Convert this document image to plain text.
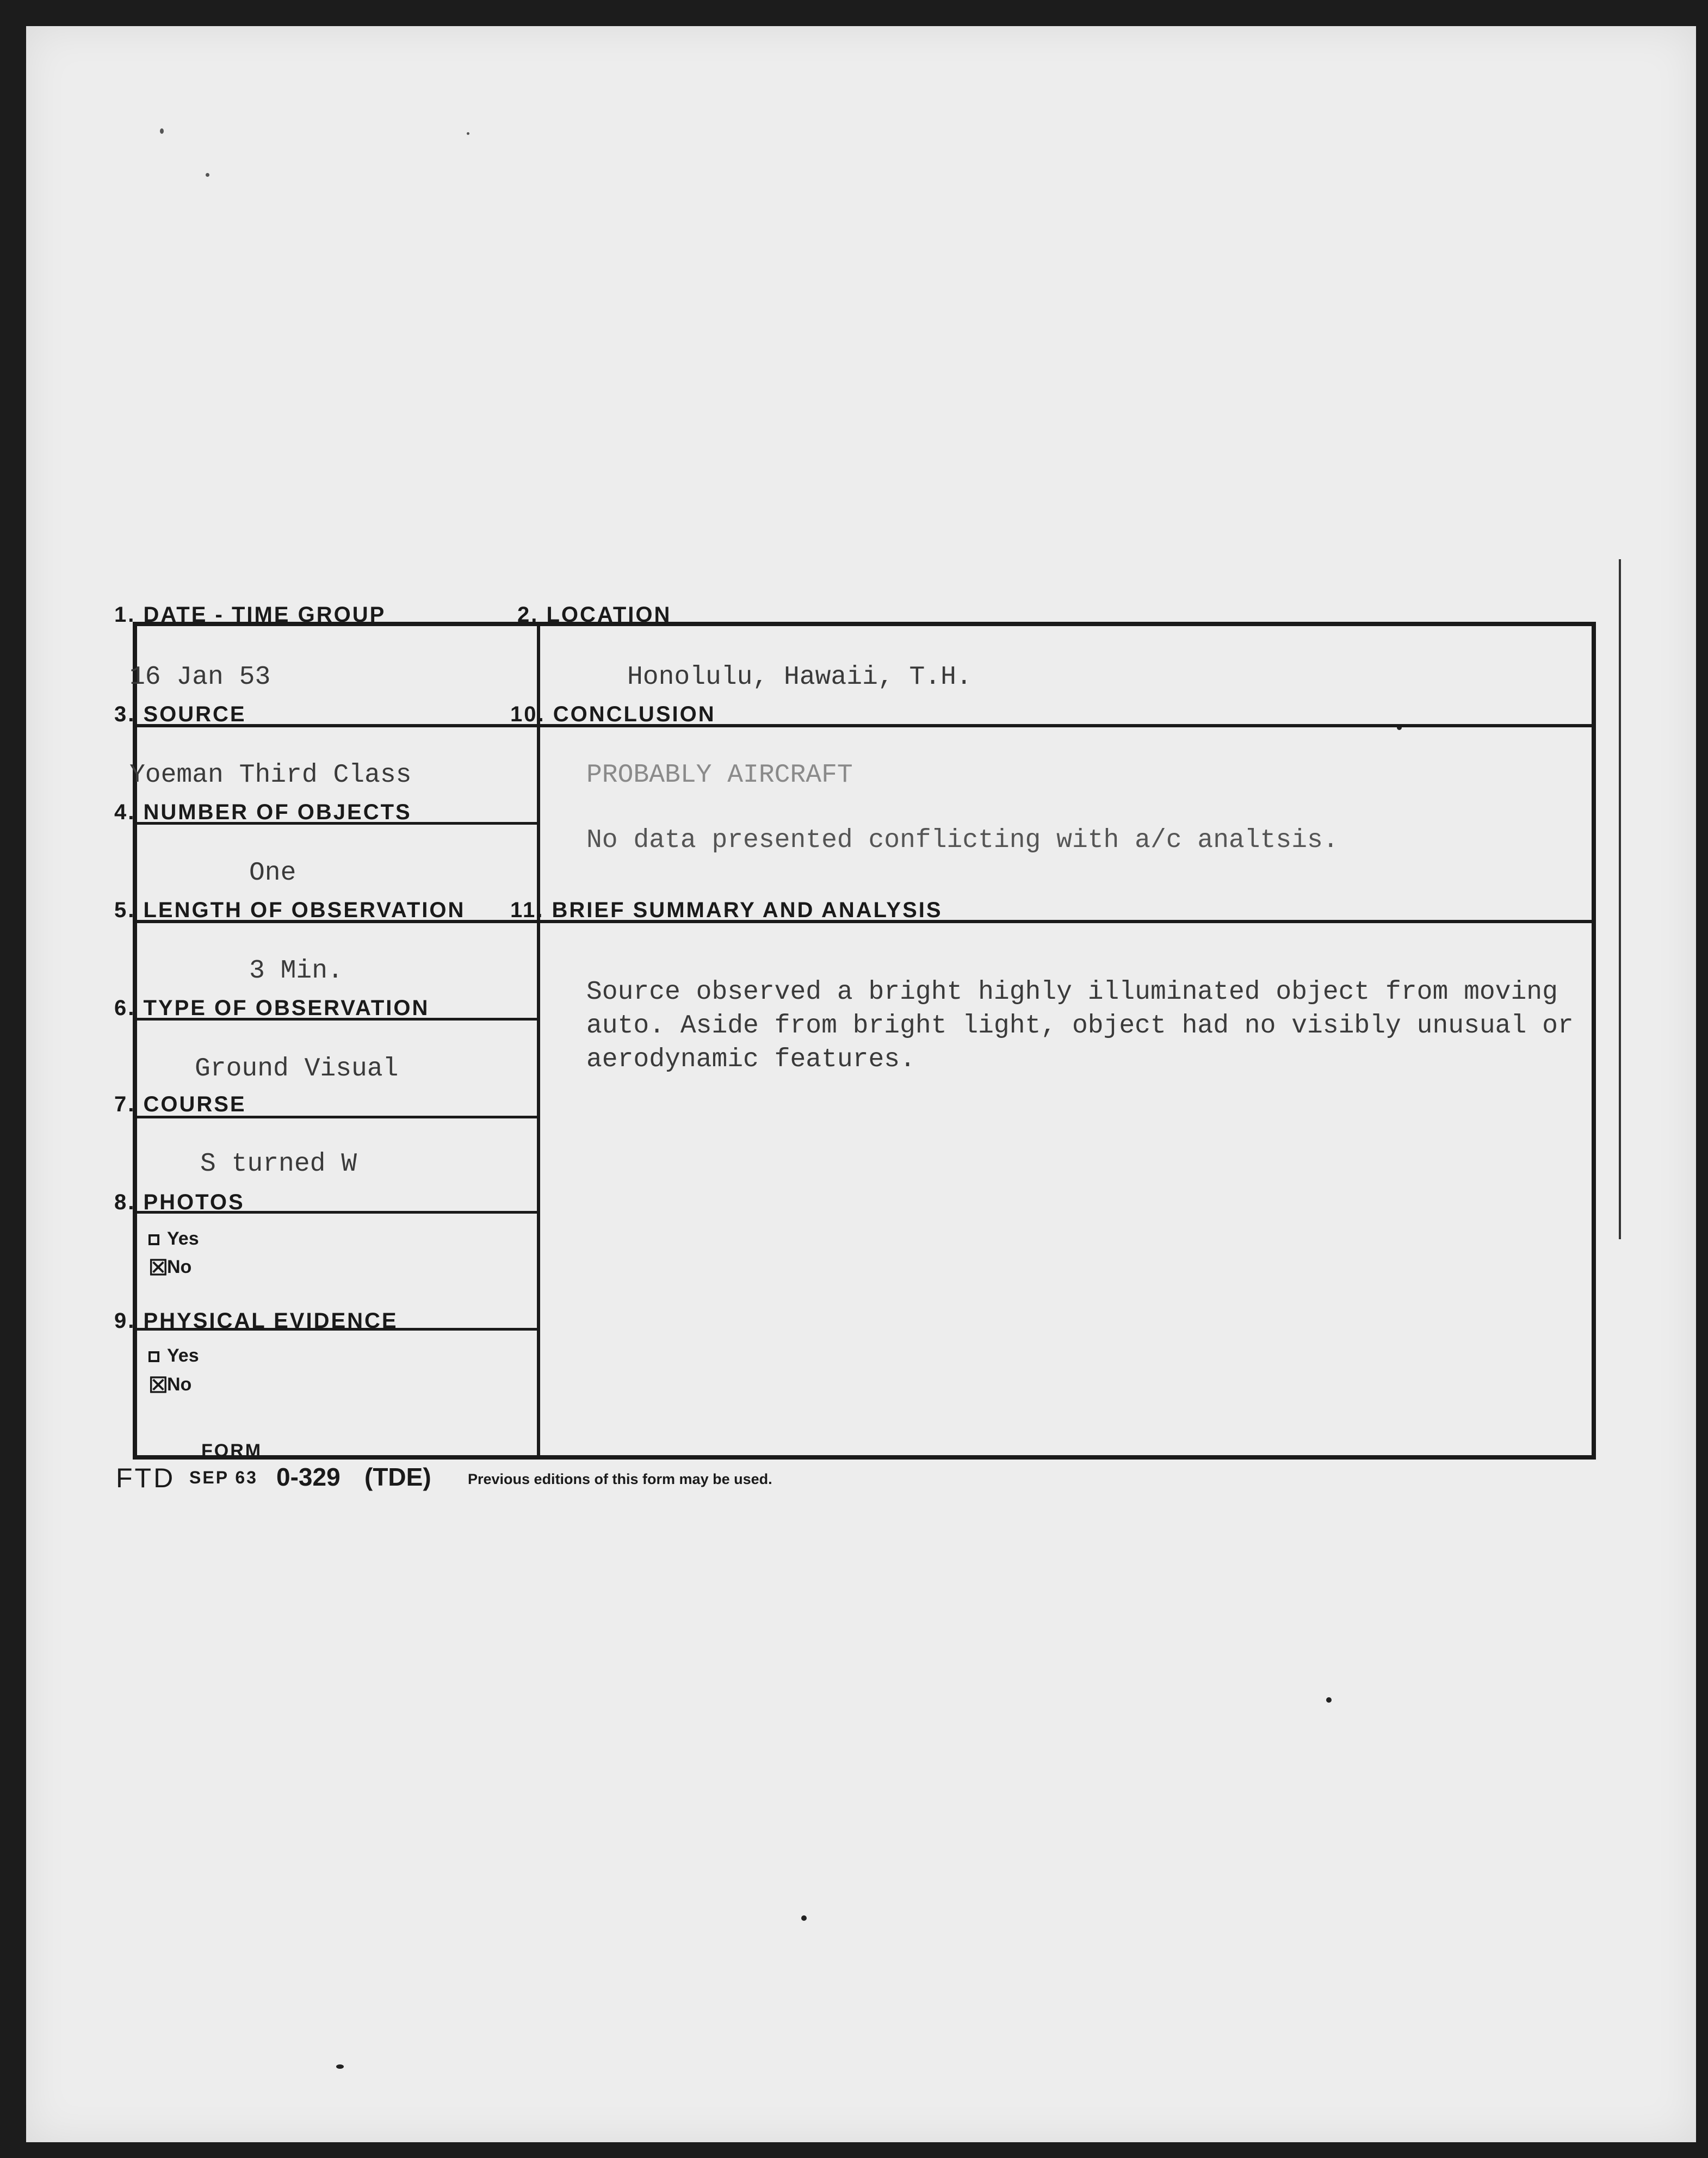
1. DATE - TIME GROUP
16 Jan 53
2. LOCATION
Honolulu, Hawaii, T.H.
3. SOURCE
Yoeman Third Class
4. NUMBER OF OBJECTS
One
5. LENGTH OF OBSERVATION
3 Min.
6. TYPE OF OBSERVATION
Ground Visual
7. COURSE
S turned W
8. PHOTOS
Yes
☒No
9. PHYSICAL EVIDENCE
Yes
☒No
10. CONCLUSION
PROBABLY AIRCRAFT
No data presented conflicting with a/c analtsis.
11. BRIEF SUMMARY AND ANALYSIS
Source observed a bright highly illuminated object from moving auto. Aside from bright light, object had no visibly unusual or aerodynamic features.
FORM
FTD SEP 63 0-329 (TDE) Previous editions of this form may be used.
